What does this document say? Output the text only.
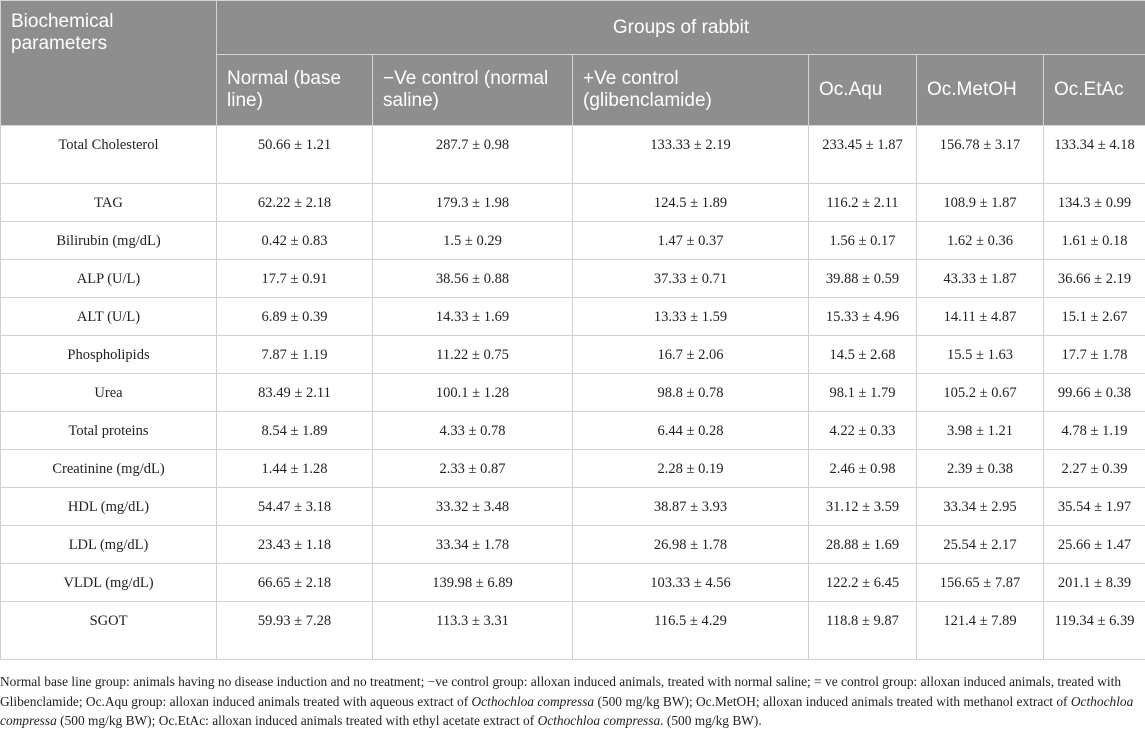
Biochemical parameters	Groups of rabbit					
	Normal (base line)	−Ve control (normal saline)	+Ve control (glibenclamide)	Oc.Aqu	Oc.MetOH	Oc.EtAc
Total Cholesterol	50.66 ± 1.21	287.7 ± 0.98	133.33 ± 2.19	233.45 ± 1.87	156.78 ± 3.17	133.34 ± 4.18
TAG	62.22 ± 2.18	179.3 ± 1.98	124.5 ± 1.89	116.2 ± 2.11	108.9 ± 1.87	134.3 ± 0.99
Bilirubin (mg/dL)	0.42 ± 0.83	1.5 ± 0.29	1.47 ± 0.37	1.56 ± 0.17	1.62 ± 0.36	1.61 ± 0.18
ALP (U/L)	17.7 ± 0.91	38.56 ± 0.88	37.33 ± 0.71	39.88 ± 0.59	43.33 ± 1.87	36.66 ± 2.19
ALT (U/L)	6.89 ± 0.39	14.33 ± 1.69	13.33 ± 1.59	15.33 ± 4.96	14.11 ± 4.87	15.1 ± 2.67
Phospholipids	7.87 ± 1.19	11.22 ± 0.75	16.7 ± 2.06	14.5 ± 2.68	15.5 ± 1.63	17.7 ± 1.78
Urea	83.49 ± 2.11	100.1 ± 1.28	98.8 ± 0.78	98.1 ± 1.79	105.2 ± 0.67	99.66 ± 0.38
Total proteins	8.54 ± 1.89	4.33 ± 0.78	6.44 ± 0.28	4.22 ± 0.33	3.98 ± 1.21	4.78 ± 1.19
Creatinine (mg/dL)	1.44 ± 1.28	2.33 ± 0.87	2.28 ± 0.19	2.46 ± 0.98	2.39 ± 0.38	2.27 ± 0.39
HDL (mg/dL)	54.47 ± 3.18	33.32 ± 3.48	38.87 ± 3.93	31.12 ± 3.59	33.34 ± 2.95	35.54 ± 1.97
LDL (mg/dL)	23.43 ± 1.18	33.34 ± 1.78	26.98 ± 1.78	28.88 ± 1.69	25.54 ± 2.17	25.66 ± 1.47
VLDL (mg/dL)	66.65 ± 2.18	139.98 ± 6.89	103.33 ± 4.56	122.2 ± 6.45	156.65 ± 7.87	201.1 ± 8.39
SGOT	59.93 ± 7.28	113.3 ± 3.31	116.5 ± 4.29	118.8 ± 9.87	121.4 ± 7.89	119.34 ± 6.39
Normal base line group: animals having no disease induction and no treatment; −ve control group: alloxan induced animals, treated with normal saline; = ve control group: alloxan induced animals, treated with Glibenclamide; Oc.Aqu group: alloxan induced animals treated with aqueous extract of Octhochloa compressa (500 mg/kg BW); Oc.MetOH; alloxan induced animals treated with methanol extract of Octhochloa compressa (500 mg/kg BW); Oc.EtAc: alloxan induced animals treated with ethyl acetate extract of Octhochloa compressa. (500 mg/kg BW).
